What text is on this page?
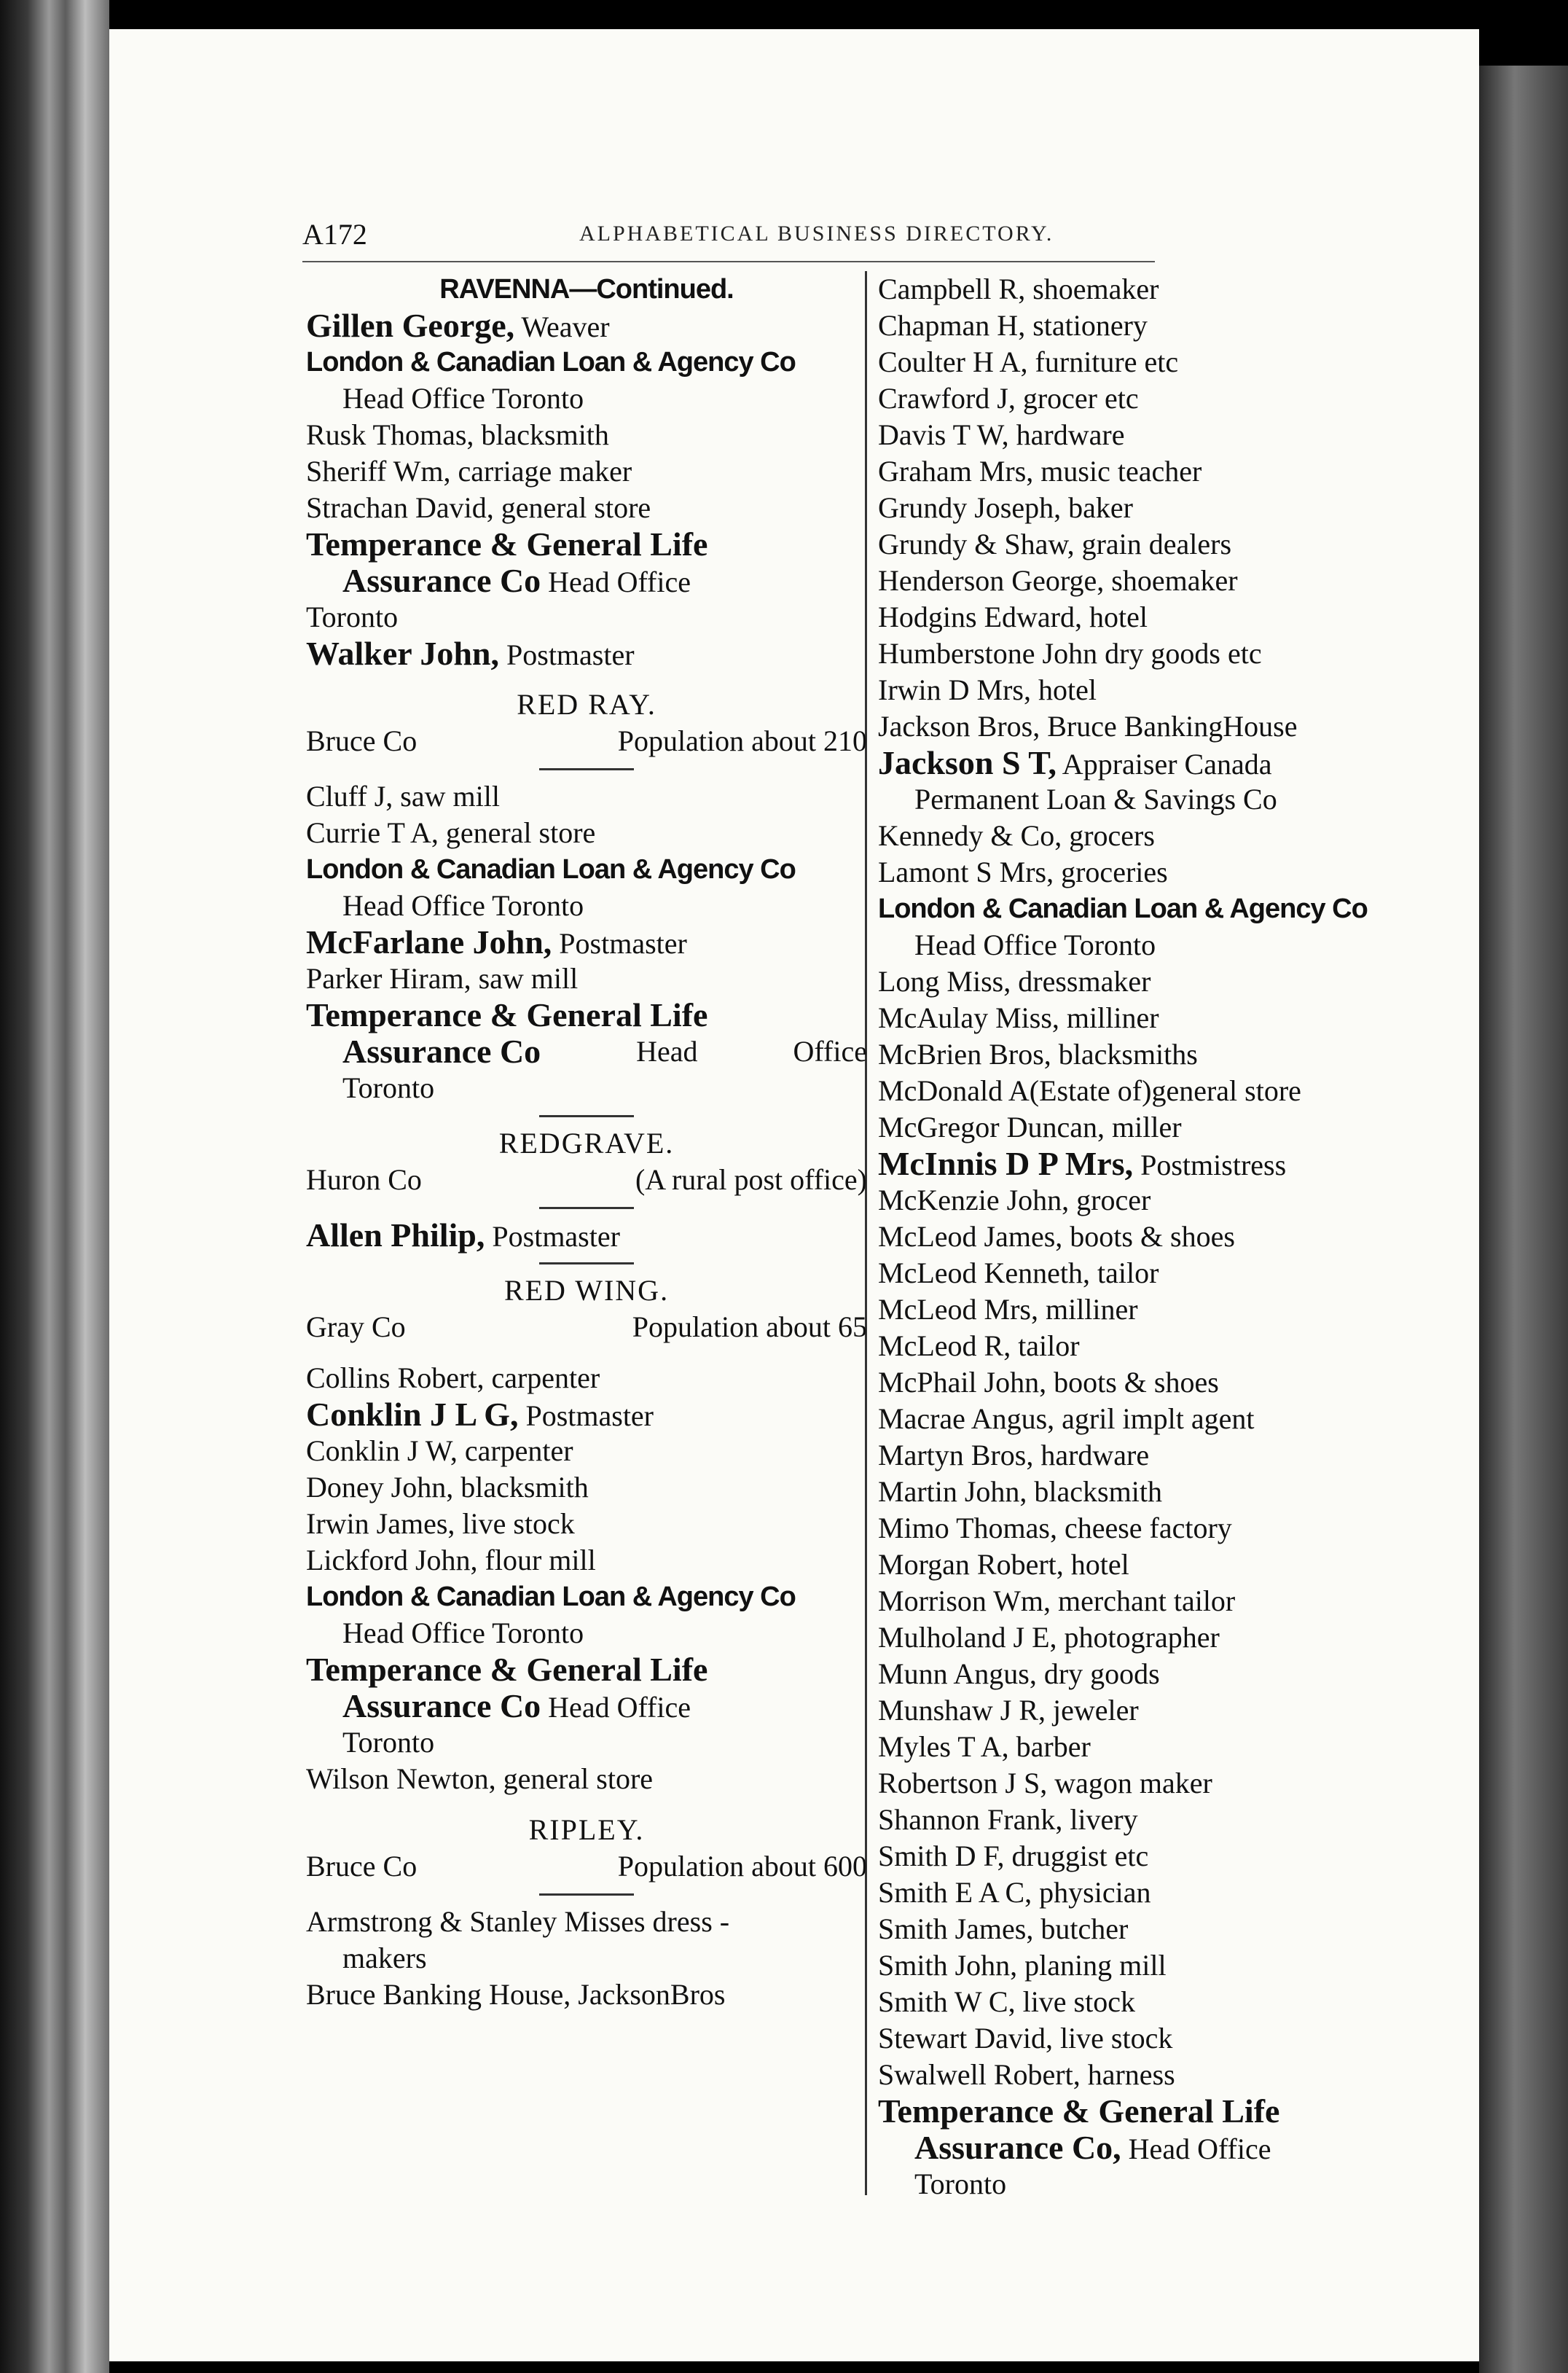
A172	ALPHABETICAL BUSINESS DIRECTORY.
RAVENNA—Continued.
Gillen George, Weaver
London & Canadian Loan & Agency Co
Head Office Toronto
Rusk Thomas, blacksmith
Sheriff Wm, carriage maker
Strachan David, general store
Temperance & General Life
Assurance Co Head Office
Toronto
Walker John, Postmaster
RED RAY.
Bruce Co	Population about 210
Cluff J, saw mill
Currie T A, general store
London & Canadian Loan & Agency Co
Head Office Toronto
McFarlane John, Postmaster
Parker Hiram, saw mill
Temperance & General Life
Assurance Co	Head	Office
Toronto
REDGRAVE.
Huron Co	(A rural post office)
Allen Philip, Postmaster
RED WING.
Gray Co	Population about 65
Collins Robert, carpenter
Conklin J L G, Postmaster
Conklin J W, carpenter
Doney John, blacksmith
Irwin James, live stock
Lickford John, flour mill
London & Canadian Loan & Agency Co
Head Office Toronto
Temperance & General Life
Assurance Co Head Office
Toronto
Wilson Newton, general store
RIPLEY.
Bruce Co	Population about 600
Armstrong & Stanley Misses dress -
makers
Bruce Banking House, JacksonBros
Campbell R, shoemaker
Chapman H, stationery
Coulter H A, furniture etc
Crawford J, grocer etc
Davis T W, hardware
Graham Mrs, music teacher
Grundy Joseph, baker
Grundy & Shaw, grain dealers
Henderson George, shoemaker
Hodgins Edward, hotel
Humberstone John dry goods etc
Irwin D Mrs, hotel
Jackson Bros, Bruce BankingHouse
Jackson S T, Appraiser Canada
Permanent Loan & Savings Co
Kennedy & Co, grocers
Lamont S Mrs, groceries
London & Canadian Loan & Agency Co
Head Office Toronto
Long Miss, dressmaker
McAulay Miss, milliner
McBrien Bros, blacksmiths
McDonald A(Estate of)general store
McGregor Duncan, miller
McInnis D P Mrs, Postmistress
McKenzie John, grocer
McLeod James, boots & shoes
McLeod Kenneth, tailor
McLeod Mrs, milliner
McLeod R, tailor
McPhail John, boots & shoes
Macrae Angus, agril implt agent
Martyn Bros, hardware
Martin John, blacksmith
Mimo Thomas, cheese factory
Morgan Robert, hotel
Morrison Wm, merchant tailor
Mulholand J E, photographer
Munn Angus, dry goods
Munshaw J R, jeweler
Myles T A, barber
Robertson J S, wagon maker
Shannon Frank, livery
Smith D F, druggist etc
Smith E A C, physician
Smith James, butcher
Smith John, planing mill
Smith W C, live stock
Stewart David, live stock
Swalwell Robert, harness
Temperance & General Life
Assurance Co, Head Office
Toronto
